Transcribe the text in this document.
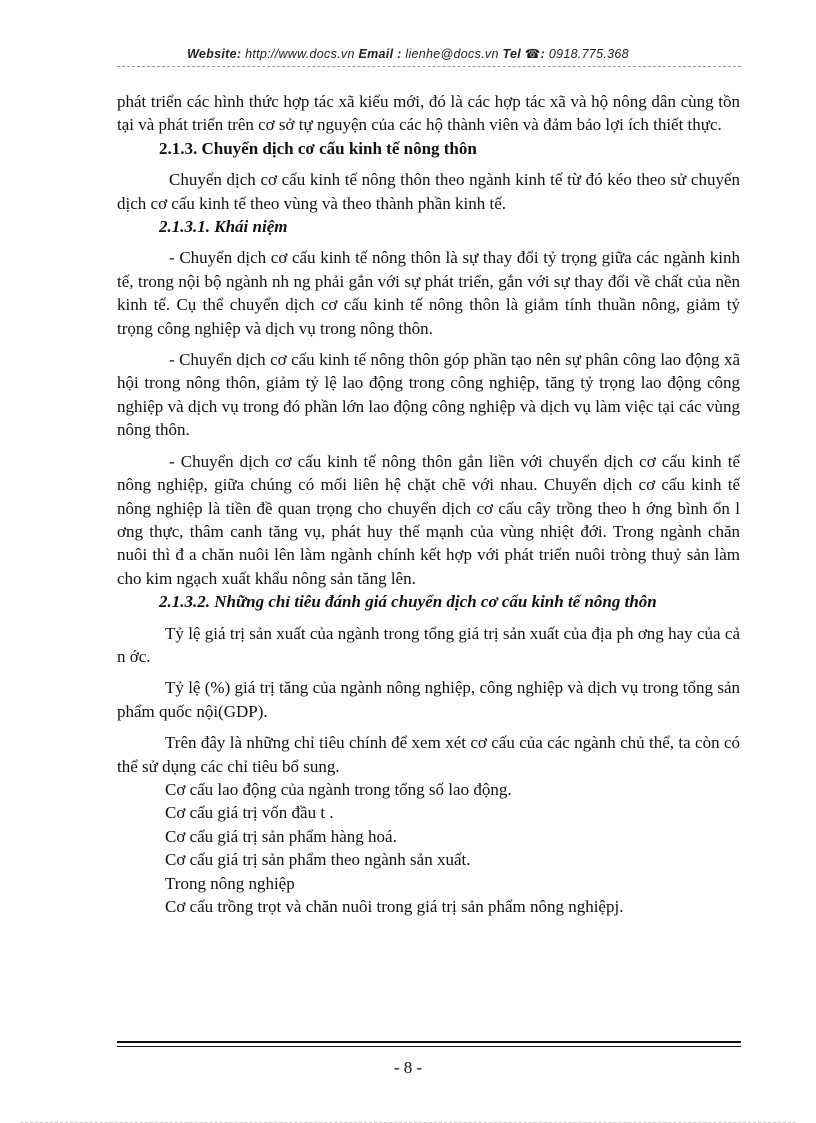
Website: http://www.docs.vn Email : lienhe@docs.vn Tel ☎: 0918.775.368

phát triển các hình thức hợp tác xã kiểu mới, đó là các hợp tác xã và hộ nông dân cùng tồn tại và phát triển trên cơ sở tự nguyện của các hộ thành viên và đảm bảo lợi ích thiết thực.

2.1.3. Chuyển dịch cơ cấu kinh tế nông thôn

Chuyển dịch cơ cấu kinh tế nông thôn theo ngành kinh tế từ đó kéo theo sử chuyển dịch cơ cấu kinh tế theo vùng và theo thành phần kinh tế.

2.1.3.1. Khái niệm

- Chuyển dịch cơ cấu kinh tế nông thôn là sự thay đổi tỷ trọng giữa các ngành kinh tế, trong nội bộ ngành nh ng phải gắn với sự phát triển, gắn với sự thay đổi về chất của nền kinh tế. Cụ thể chuyển dịch cơ cấu kinh tế nông thôn là giảm tính thuần nông, giảm tỷ trọng công nghiệp và dịch vụ trong nông thôn.

- Chuyển dịch cơ cấu kinh tế nông thôn góp phần tạo nên sự phân công lao động xã hội trong nông thôn, giảm tỷ lệ lao động trong công nghiệp, tăng tỷ trọng lao động công nghiệp và dịch vụ trong đó phần lớn lao động công nghiệp và dịch vụ làm việc tại các vùng nông thôn.

- Chuyển dịch cơ cấu kinh tế nông thôn gắn liền với chuyển dịch cơ cấu kinh tế nông nghiệp, giữa chúng có mối liên hệ chặt chẽ với nhau. Chuyển dịch cơ cấu kinh tế nông nghiệp là tiền đề quan trọng cho chuyển dịch cơ cấu cây trồng theo h ớng bình ổn l ơng thực, thâm canh tăng vụ, phát huy thế mạnh của vùng nhiệt đới. Trong ngành chăn nuôi thì đ a chăn nuôi lên làm ngành chính kết hợp với phát triển nuôi tròng thuỷ sản làm cho kim ngạch xuất khẩu nông sản tăng lên.

2.1.3.2. Những chỉ tiêu đánh giá chuyển dịch cơ cấu kinh tế nông thôn

Tỷ lệ giá trị sản xuất của ngành trong tổng giá trị sản xuất của địa ph ơng hay của cả n ớc.

Tỷ lệ (%) giá trị tăng của ngành nông nghiệp, công nghiệp và dịch vụ trong tổng sản phẩm quốc nội(GDP).

Trên đây là những chỉ tiêu chính để xem xét cơ cấu của các ngành chủ thể, ta còn có thể sử dụng các chỉ tiêu bổ sung.

Cơ cấu lao động của ngành trong tổng số lao động.

Cơ cấu giá trị vốn đầu t .

Cơ cấu giá trị sản phẩm hàng hoá.

Cơ cấu giá trị sản phẩm theo ngành sản xuất.

Trong nông nghiệp

Cơ cấu trồng trọt và chăn nuôi trong giá trị sản phẩm nông nghiệpj.

- 8 -
